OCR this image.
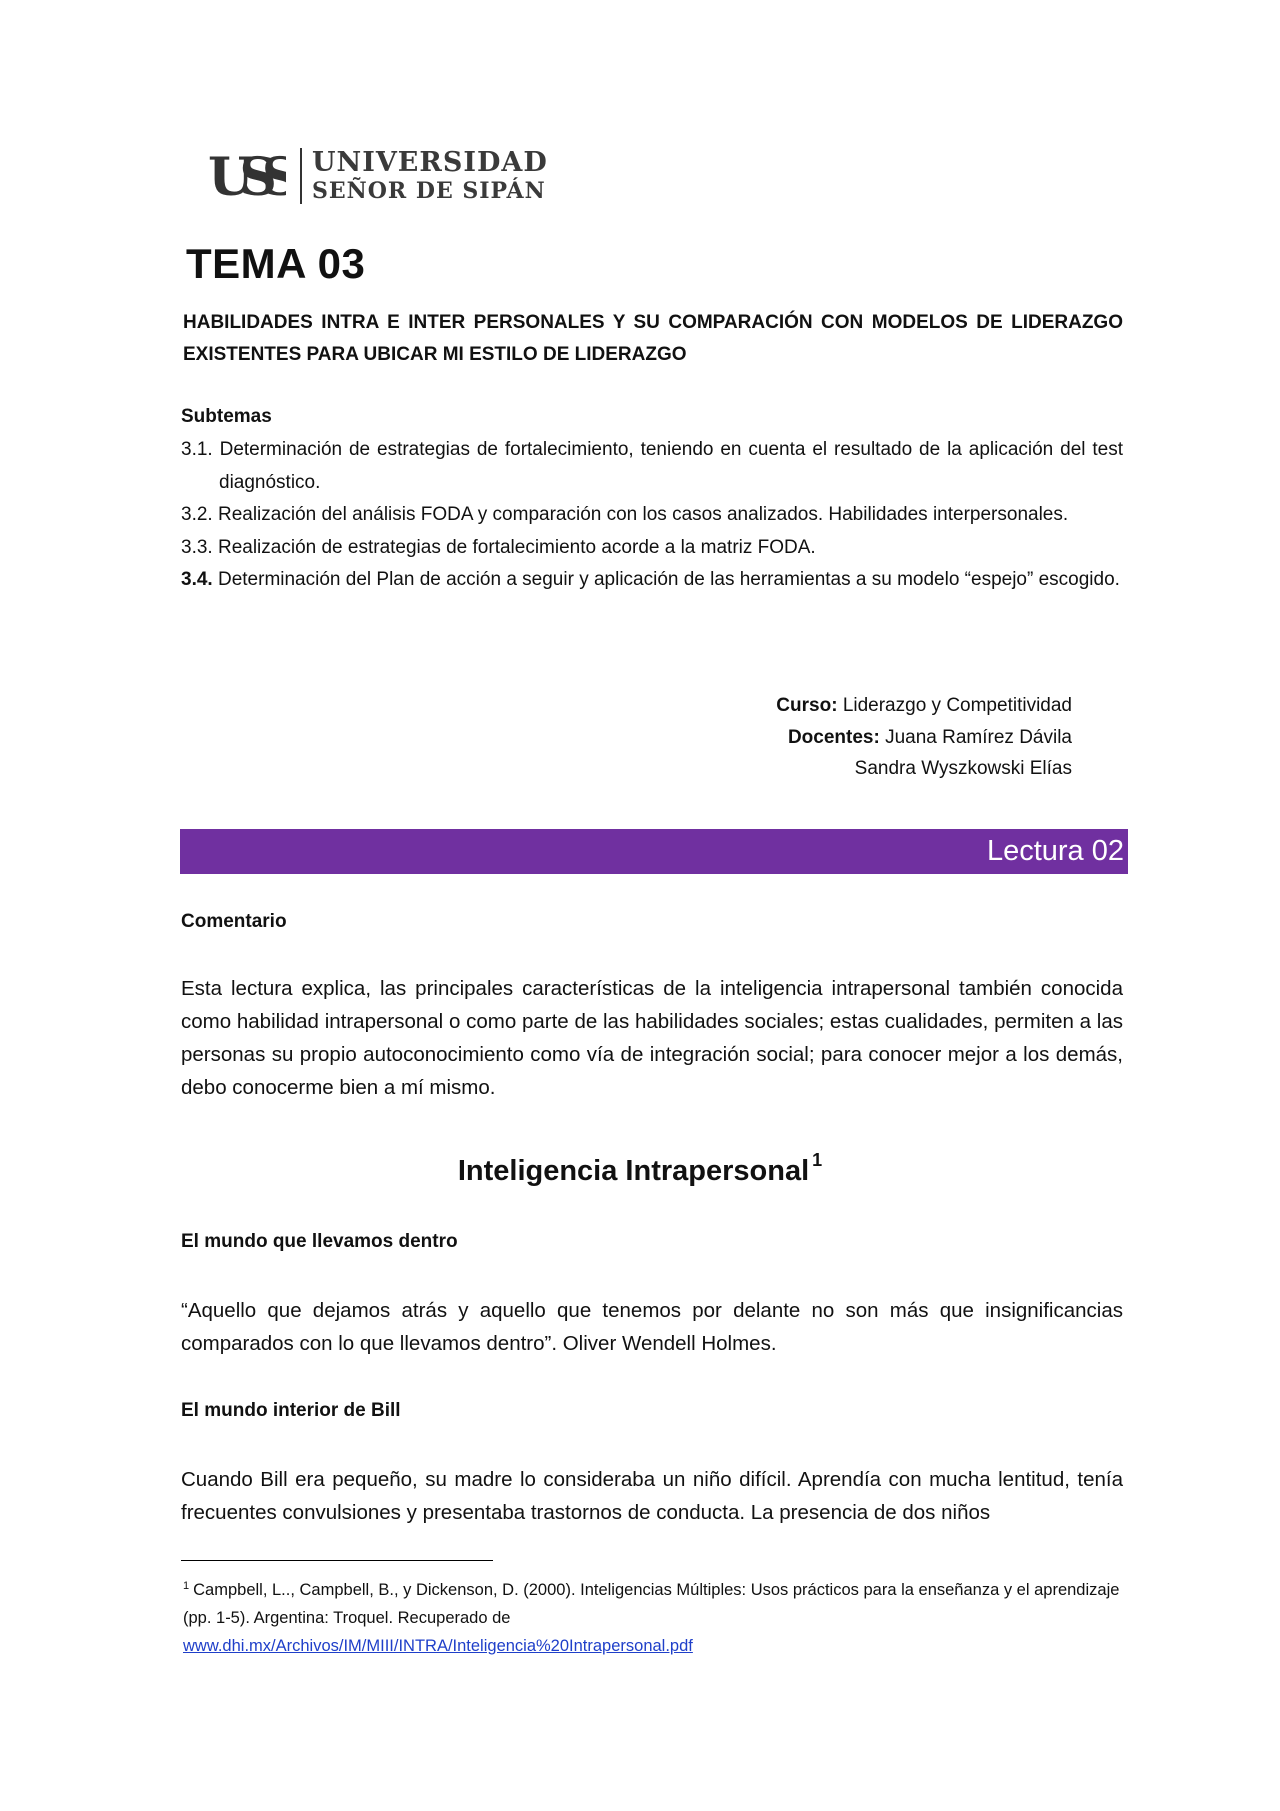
USS UNIVERSIDAD
SEÑOR DE SIPÁN
TEMA 03
HABILIDADES INTRA E INTER PERSONALES Y SU COMPARACIÓN CON MODELOS DE LIDERAZGO EXISTENTES PARA UBICAR MI ESTILO DE LIDERAZGO
Subtemas
3.1. Determinación de estrategias de fortalecimiento, teniendo en cuenta el resultado de la aplicación del test diagnóstico.
3.2. Realización del análisis FODA y comparación con los casos analizados. Habilidades interpersonales.
3.3. Realización de estrategias de fortalecimiento acorde a la matriz FODA.
3.4. Determinación del Plan de acción a seguir y aplicación de las herramientas a su modelo “espejo” escogido.
Curso: Liderazgo y Competitividad
Docentes: Juana Ramírez Dávila
Sandra Wyszkowski Elías
Lectura 02
Comentario
Esta lectura explica, las principales características de la inteligencia intrapersonal también conocida como habilidad intrapersonal o como parte de las habilidades sociales; estas cualidades, permiten a las personas su propio autoconocimiento como vía de integración social; para conocer mejor a los demás, debo conocerme bien a mí mismo.
Inteligencia Intrapersonal $^1$
El mundo que llevamos dentro
“Aquello que dejamos atrás y aquello que tenemos por delante no son más que insignificancias comparados con lo que llevamos dentro”. Oliver Wendell Holmes.
El mundo interior de Bill
Cuando Bill era pequeño, su madre lo consideraba un niño difícil. Aprendía con mucha lentitud, tenía frecuentes convulsiones y presentaba trastornos de conducta. La presencia de dos niños
$^1$ Campbell, L.., Campbell, B., y Dickenson, D. (2000). Inteligencias Múltiples: Usos prácticos para la enseñanza y el aprendizaje (pp. 1-5). Argentina: Troquel. Recuperado de
www.dhi.mx/Archivos/IM/MIII/INTRA/Inteligencia%20Intrapersonal.pdf
